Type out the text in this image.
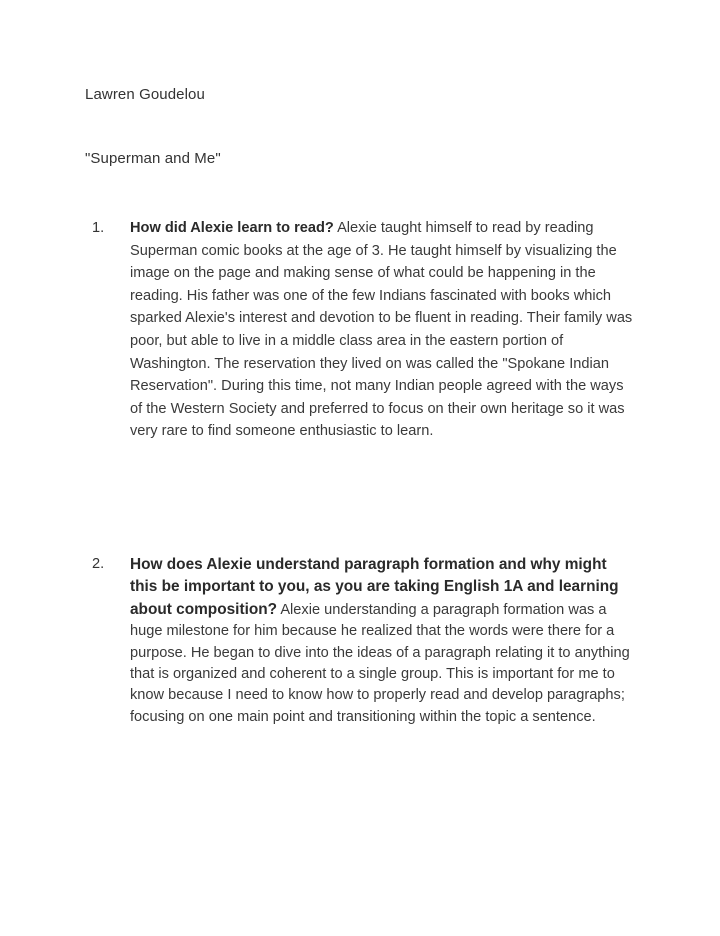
Lawren Goudelou
"Superman and Me"
1.	How did Alexie learn to read? Alexie taught himself to read by reading Superman comic books at the age of 3. He taught himself by visualizing the image on the page and making sense of what could be happening in the reading. His father was one of the few Indians fascinated with books which sparked Alexie's interest and devotion to be fluent in reading. Their family was poor, but able to live in a middle class area in the eastern portion of Washington. The reservation they lived on was called the "Spokane Indian Reservation". During this time, not many Indian people agreed with the ways of the Western Society and preferred to focus on their own heritage so it was very rare to find someone enthusiastic to learn.
2.	How does Alexie understand paragraph formation and why might this be important to you, as you are taking English 1A and learning about composition? Alexie understanding a paragraph formation was a huge milestone for him because he realized that the words were there for a purpose. He began to dive into the ideas of a paragraph relating it to anything that is organized and coherent to a single group. This is important for me to know because I need to know how to properly read and develop paragraphs; focusing on one main point and transitioning within the topic a sentence.
